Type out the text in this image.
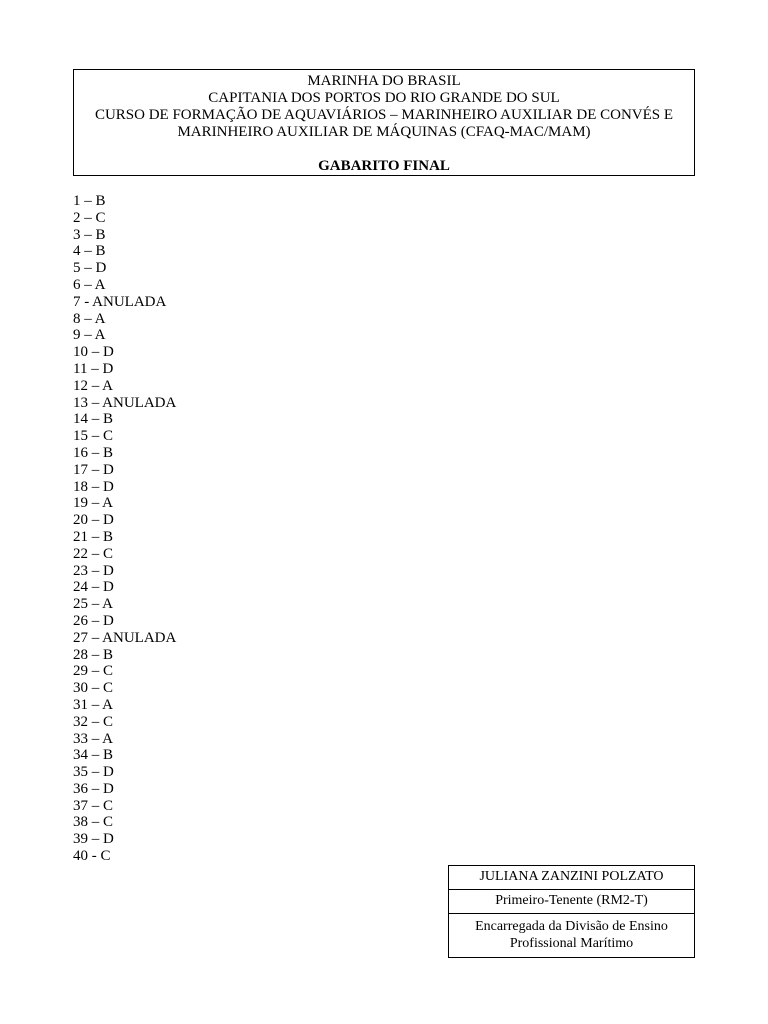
MARINHA DO BRASIL
CAPITANIA DOS PORTOS DO RIO GRANDE DO SUL
CURSO DE FORMAÇÃO DE AQUAVIÁRIOS – MARINHEIRO AUXILIAR DE CONVÉS E
MARINHEIRO AUXILIAR DE MÁQUINAS (CFAQ-MAC/MAM)
GABARITO FINAL
1 – B
2 – C
3 – B
4 – B
5 – D
6 – A
7 - ANULADA
8 – A
9 – A
10 – D
11 – D
12 – A
13 – ANULADA
14 – B
15 – C
16 – B
17 – D
18 – D
19 – A
20 – D
21 – B
22 – C
23 – D
24 – D
25 – A
26 – D
27 – ANULADA
28 – B
29 – C
30 – C
31 – A
32 – C
33 – A
34 – B
35 – D
36 – D
37 – C
38 – C
39 – D
40 - C
JULIANA ZANZINI POLZATO
Primeiro-Tenente (RM2-T)
Encarregada da Divisão de Ensino
Profissional Marítimo
